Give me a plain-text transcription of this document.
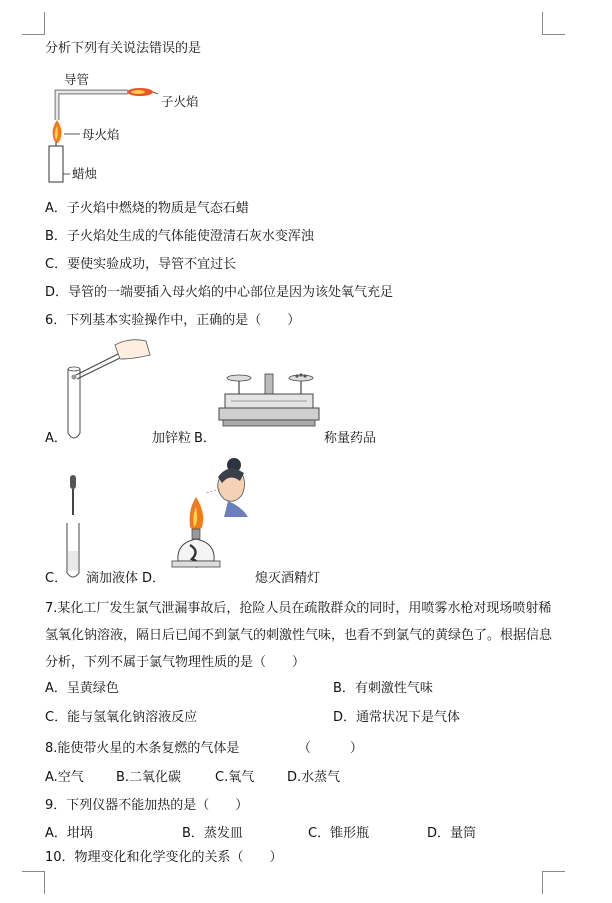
分析下列有关说法错误的是
导管
子火焰
母火焰
蜡烛
A．子火焰中燃烧的物质是气态石蜡
B．子火焰处生成的气体能使澄清石灰水变浑浊
C．要使实验成功，导管不宜过长
D．导管的一端要插入母火焰的中心部位是因为该处氧气充足
6．下列基本实验操作中，正确的是（　　）
A．	加锌粒 B．	称量药品
C． 滴加液体 D．	熄灭酒精灯
7.某化工厂发生氯气泄漏事故后，抢险人员在疏散群众的同时，用喷雾水枪对现场喷射稀氢氧化钠溶液，隔日后已闻不到氯气的刺激性气味，也看不到氯气的黄绿色了。根据信息分析，下列不属于氯气物理性质的是（　　）
A．呈黄绿色	B．有刺激性气味
C．能与氢氧化钠溶液反应	D．通常状况下是气体
8.能使带火星的木条复燃的气体是　　　　　（　　　）
A.空气 B.二氧化碳	C.氧气	D.水蒸气
9．下列仪器不能加热的是（　　）
A．坩埚	B．蒸发皿	C．锥形瓶	D．量筒
10．物理变化和化学变化的关系（　　）
